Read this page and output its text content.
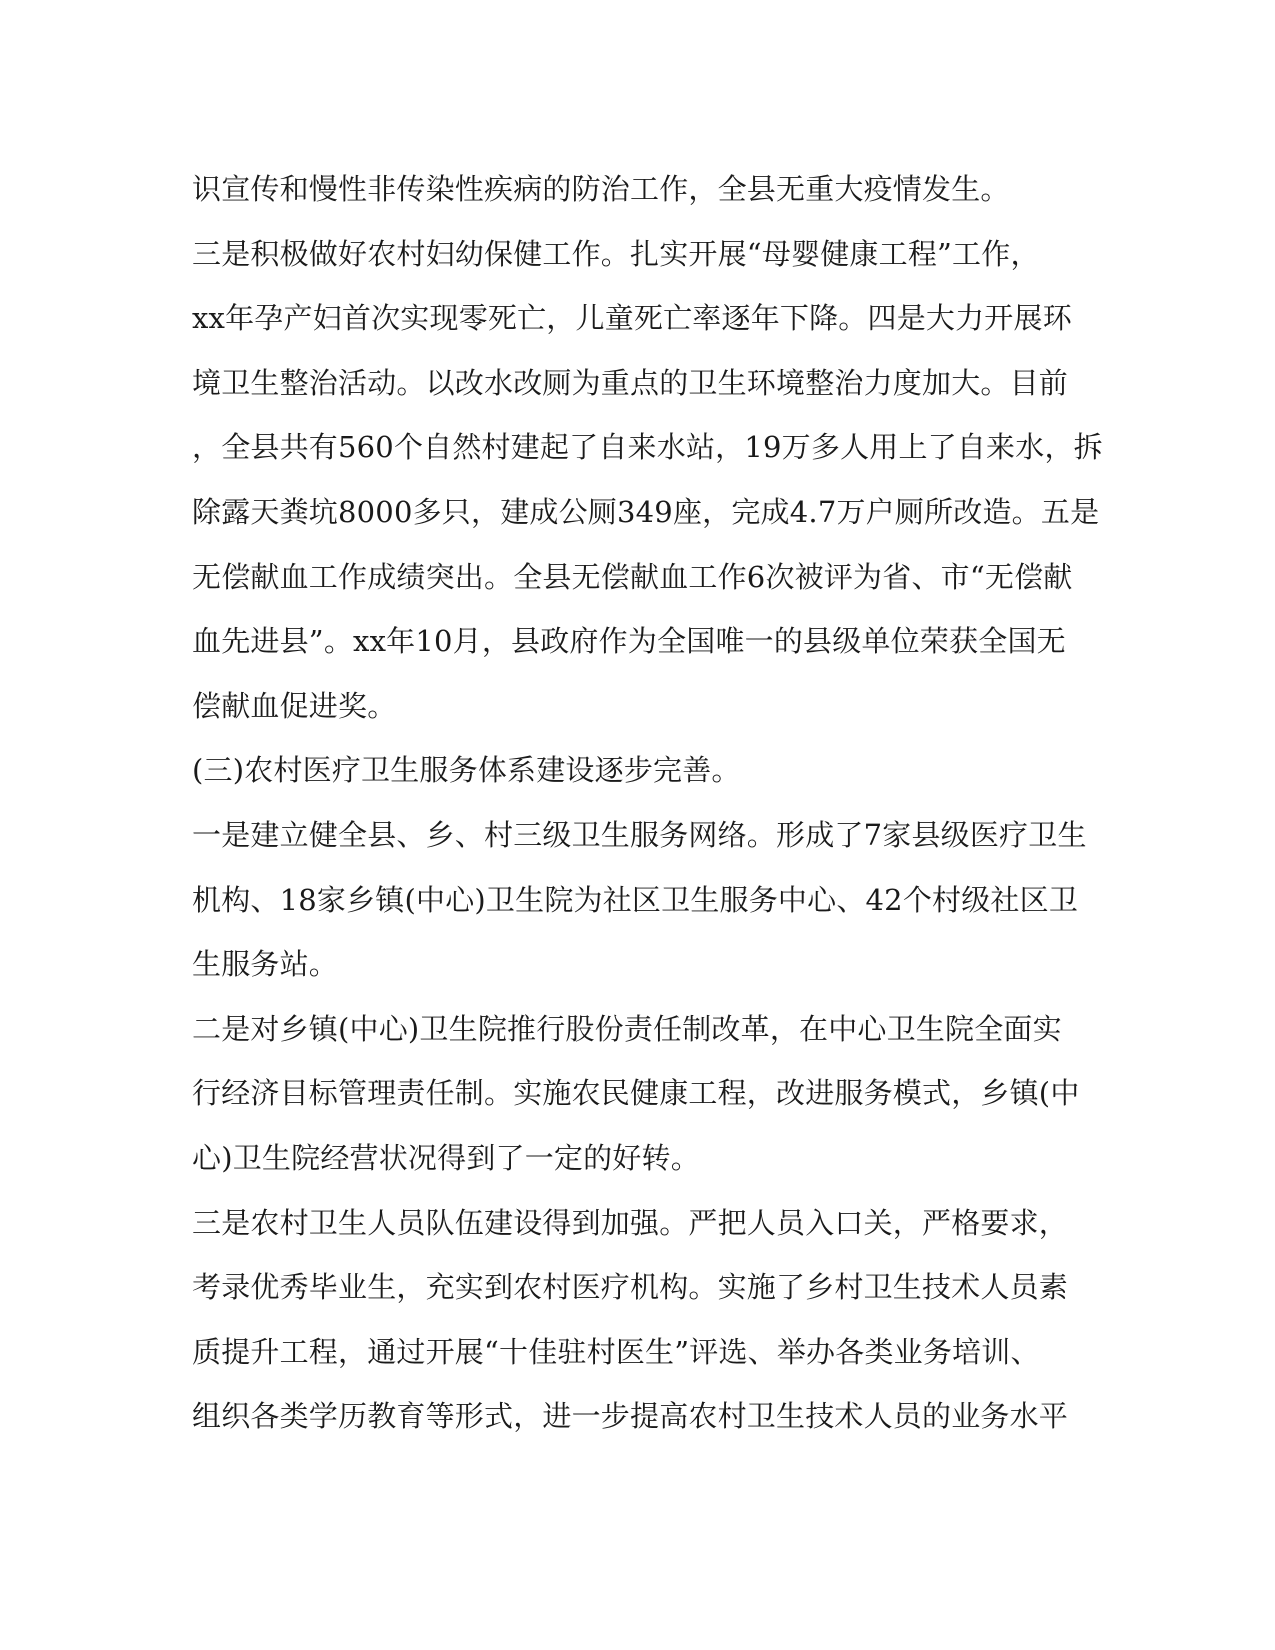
识宣传和慢性非传染性疾病的防治工作，全县无重大疫情发生。
三是积极做好农村妇幼保健工作。扎实开展“母婴健康工程”工作，
xx年孕产妇首次实现零死亡，儿童死亡率逐年下降。四是大力开展环
境卫生整治活动。以改水改厕为重点的卫生环境整治力度加大。目前
，全县共有560个自然村建起了自来水站，19万多人用上了自来水，拆
除露天粪坑8000多只，建成公厕349座，完成4.7万户厕所改造。五是
无偿献血工作成绩突出。全县无偿献血工作6次被评为省、市“无偿献
血先进县”。xx年10月，县政府作为全国唯一的县级单位荣获全国无
偿献血促进奖。
(三)农村医疗卫生服务体系建设逐步完善。
一是建立健全县、乡、村三级卫生服务网络。形成了7家县级医疗卫生
机构、18家乡镇(中心)卫生院为社区卫生服务中心、42个村级社区卫
生服务站。
二是对乡镇(中心)卫生院推行股份责任制改革，在中心卫生院全面实
行经济目标管理责任制。实施农民健康工程，改进服务模式，乡镇(中
心)卫生院经营状况得到了一定的好转。
三是农村卫生人员队伍建设得到加强。严把人员入口关，严格要求，
考录优秀毕业生，充实到农村医疗机构。实施了乡村卫生技术人员素
质提升工程，通过开展“十佳驻村医生”评选、举办各类业务培训、
组织各类学历教育等形式，进一步提高农村卫生技术人员的业务水平
